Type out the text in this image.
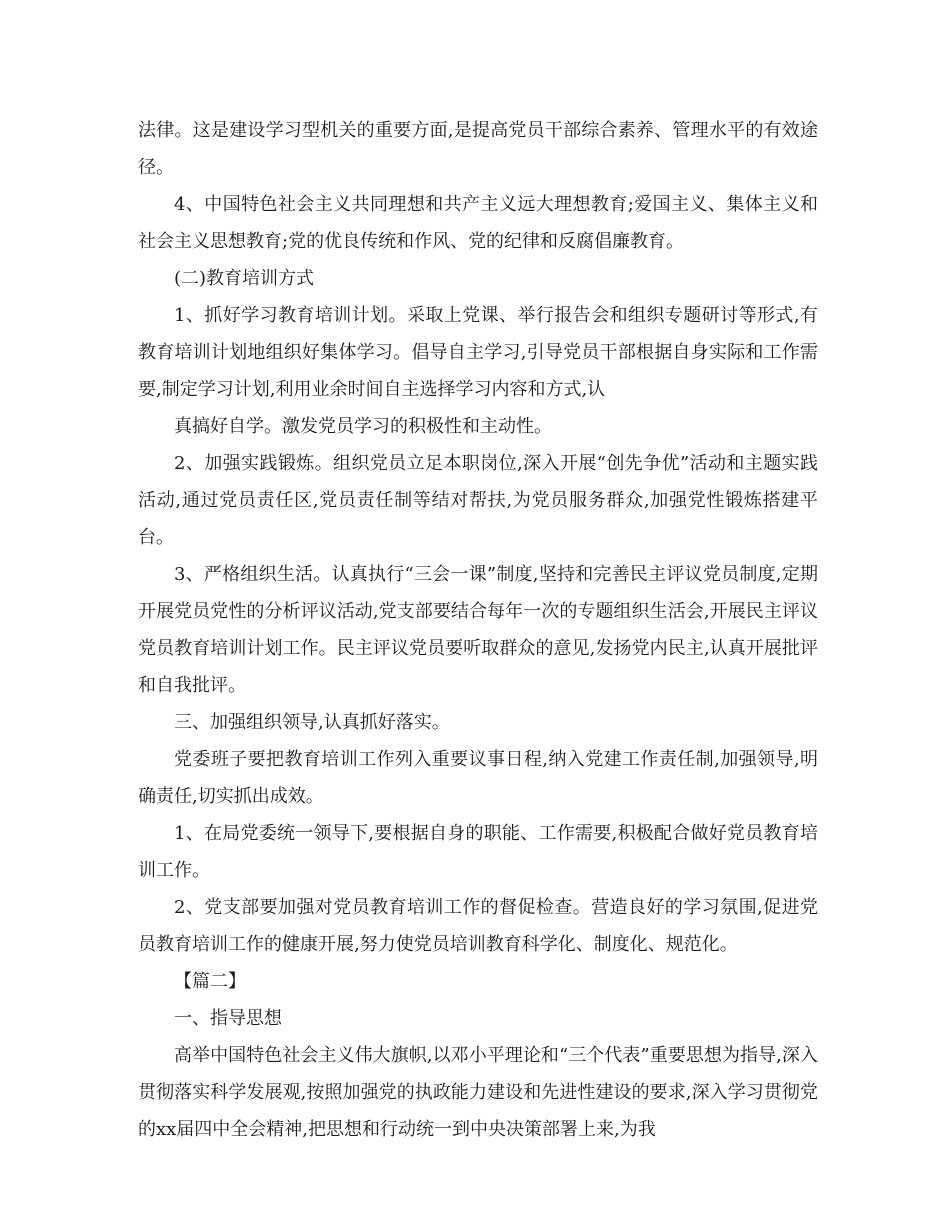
法律。这是建设学习型机关的重要方面,是提高党员干部综合素养、管理水平的有效途径。

4、中国特色社会主义共同理想和共产主义远大理想教育;爱国主义、集体主义和社会主义思想教育;党的优良传统和作风、党的纪律和反腐倡廉教育。

(二)教育培训方式

1、抓好学习教育培训计划。采取上党课、举行报告会和组织专题研讨等形式,有教育培训计划地组织好集体学习。倡导自主学习,引导党员干部根据自身实际和工作需要,制定学习计划,利用业余时间自主选择学习内容和方式,认

真搞好自学。激发党员学习的积极性和主动性。

2、加强实践锻炼。组织党员立足本职岗位,深入开展“创先争优”活动和主题实践活动,通过党员责任区,党员责任制等结对帮扶,为党员服务群众,加强党性锻炼搭建平台。

3、严格组织生活。认真执行“三会一课”制度,坚持和完善民主评议党员制度,定期开展党员党性的分析评议活动,党支部要结合每年一次的专题组织生活会,开展民主评议党员教育培训计划工作。民主评议党员要听取群众的意见,发扬党内民主,认真开展批评和自我批评。

三、加强组织领导,认真抓好落实。

党委班子要把教育培训工作列入重要议事日程,纳入党建工作责任制,加强领导,明确责任,切实抓出成效。

1、在局党委统一领导下,要根据自身的职能、工作需要,积极配合做好党员教育培训工作。

2、党支部要加强对党员教育培训工作的督促检查。营造良好的学习氛围,促进党员教育培训工作的健康开展,努力使党员培训教育科学化、制度化、规范化。

【篇二】

一、指导思想

高举中国特色社会主义伟大旗帜,以邓小平理论和“三个代表”重要思想为指导,深入贯彻落实科学发展观,按照加强党的执政能力建设和先进性建设的要求,深入学习贯彻党的xx届四中全会精神,把思想和行动统一到中央决策部署上来,为我
